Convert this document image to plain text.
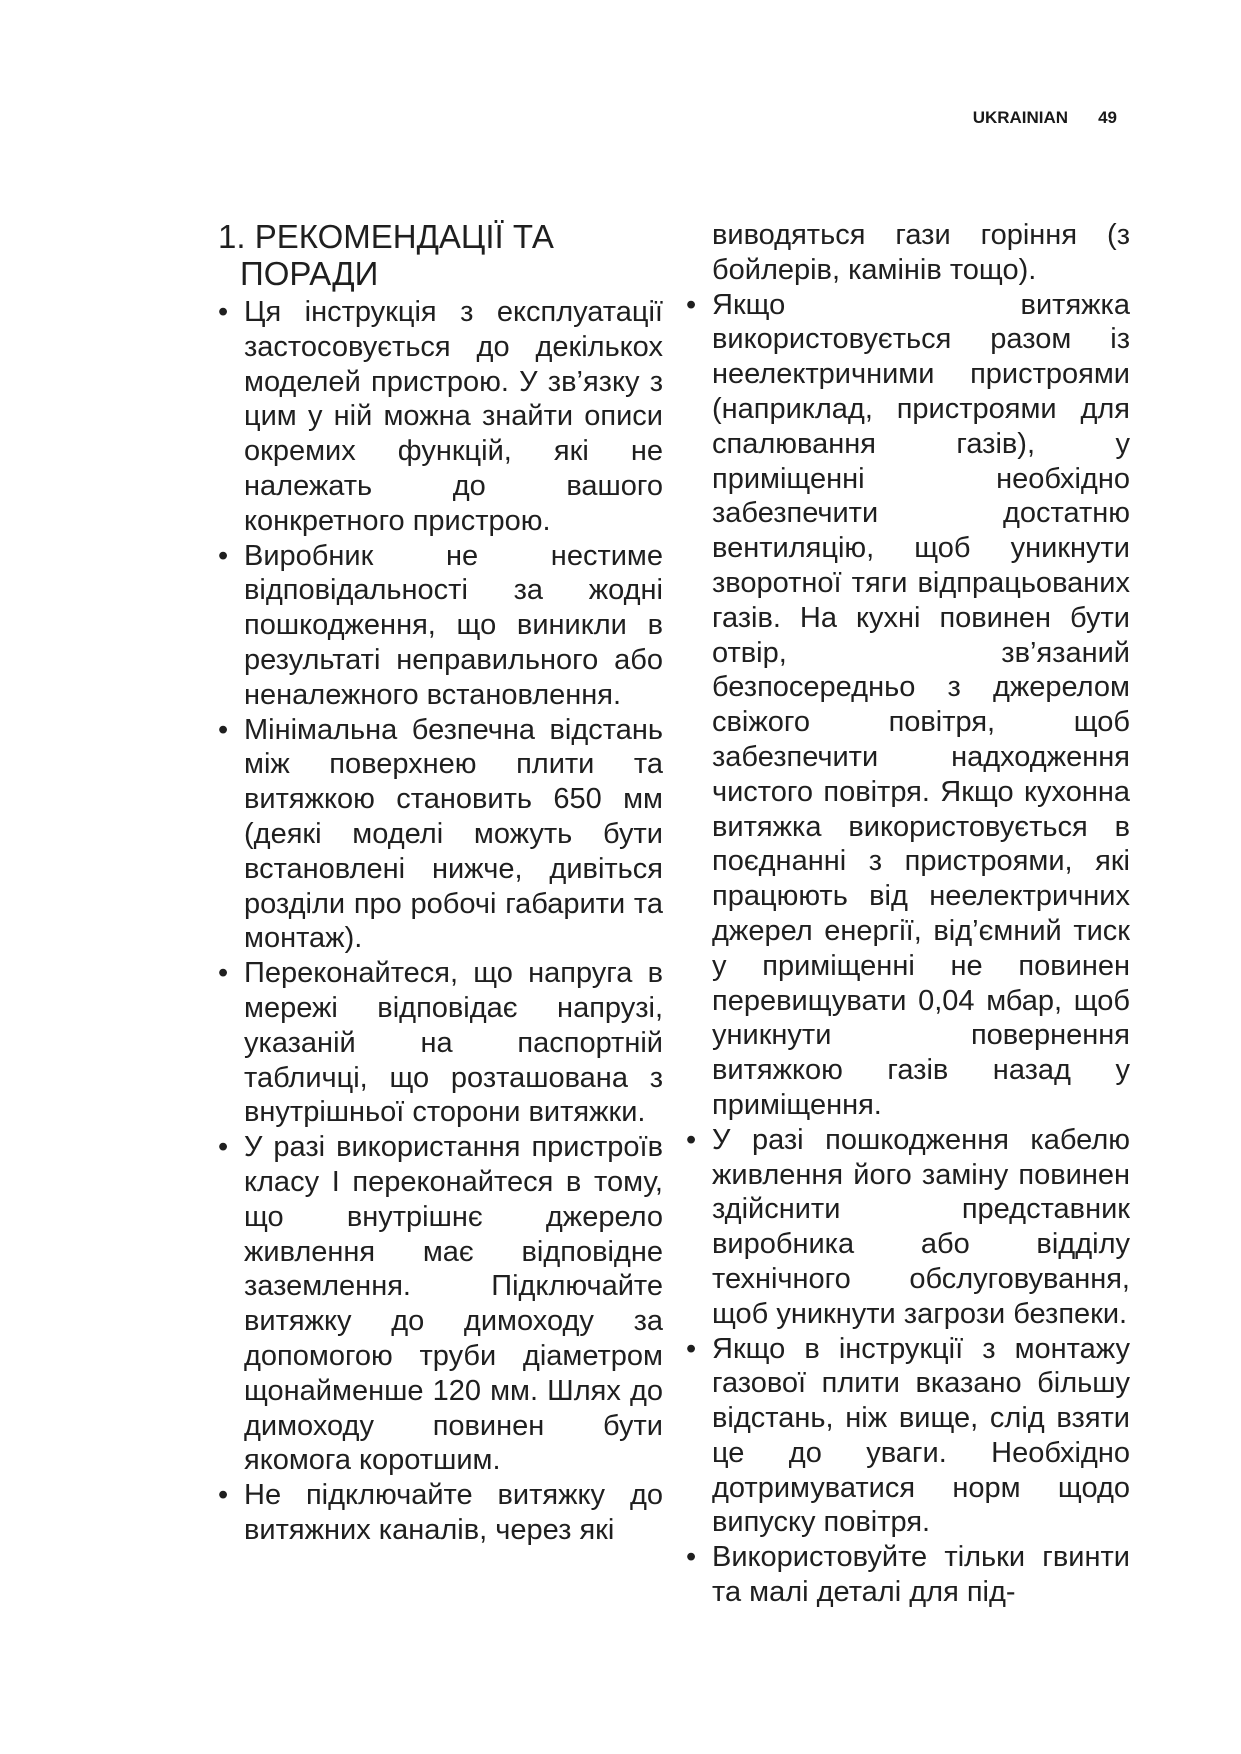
UKRAINIAN 49
1. РЕКОМЕНДАЦІЇ ТА ПОРАДИ
• Ця інструкція з експлуатації застосовується до декількох моделей пристрою. У зв’язку з цим у ній можна знайти описи окремих функцій, які не належать до вашого конкретного пристрою.
• Виробник не нестиме відповідальності за жодні пошкодження, що виникли в результаті неправильного або неналежного встановлення.
• Мінімальна безпечна відстань між поверхнею плити та витяжкою становить 650 мм (деякі моделі можуть бути встановлені нижче, дивіться розділи про робочі габарити та монтаж).
• Переконайтеся, що напруга в мережі відповідає напрузі, указаній на паспортній табличці, що розташована з внутрішньої сторони витяжки.
• У разі використання пристроїв класу I переконайтеся в тому, що внутрішнє джерело живлення має відповідне заземлення. Підключайте витяжку до димоходу за допомогою труби діаметром щонайменше 120 мм. Шлях до димоходу повинен бути якомога коротшим.
• Не підключайте витяжку до витяжних каналів, через які

виводяться гази горіння (з бойлерів, камінів тощо).

• Якщо витяжка використовується разом із неелектричними пристроями (наприклад, пристроями для спалювання газів), у приміщенні необхідно забезпечити достатню вентиляцію, щоб уникнути зворотної тяги відпрацьованих газів. На кухні повинен бути отвір, зв’язаний безпосередньо з джерелом свіжого повітря, щоб забезпечити надходження чистого повітря. Якщо кухонна витяжка використовується в поєднанні з пристроями, які працюють від неелектричних джерел енергії, від’ємний тиск у приміщенні не повинен перевищувати 0,04 мбар, щоб уникнути повернення витяжкою газів назад у приміщення.
• У разі пошкодження кабелю живлення його заміну повинен здійснити представник виробника або відділу технічного обслуговування, щоб уникнути загрози безпеки.
• Якщо в інструкції з монтажу газової плити вказано більшу відстань, ніж вище, слід взяти це до уваги. Необхідно дотримуватися норм щодо випуску повітря.
• Використовуйте тільки гвинти та малі деталі для під-
